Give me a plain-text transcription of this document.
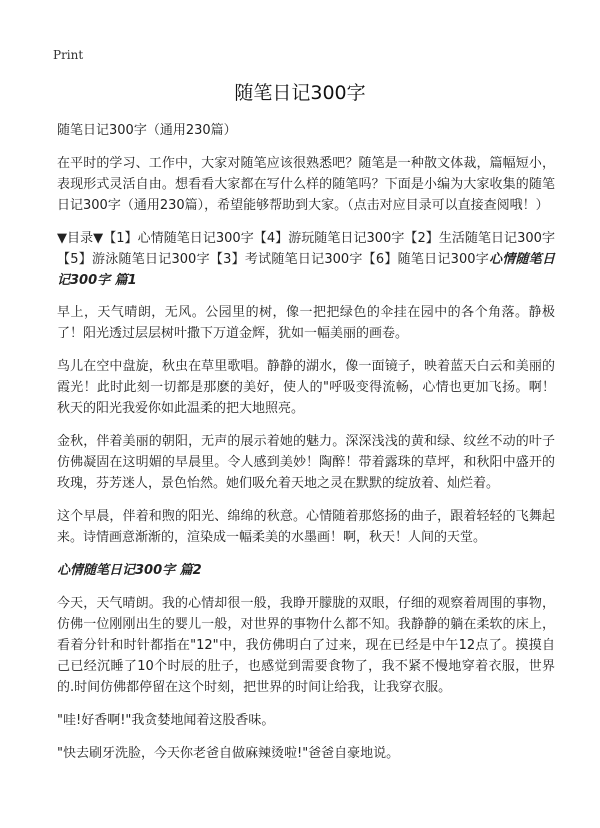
Print
随笔日记300字

随笔日记300字（通用230篇）

在平时的学习、工作中，大家对随笔应该很熟悉吧？随笔是一种散文体裁，篇幅短小，表现形式灵活自由。想看看大家都在写什么样的随笔吗？下面是小编为大家收集的随笔日记300字（通用230篇），希望能够帮助到大家。（点击对应目录可以直接查阅哦！）

▼目录▼【1】心情随笔日记300字【4】游玩随笔日记300字【2】生活随笔日记300字【5】游泳随笔日记300字【3】考试随笔日记300字【6】随笔日记300字心情随笔日记300字 篇1

早上，天气晴朗，无风。公园里的树，像一把把绿色的伞挂在园中的各个角落。静极了！阳光透过层层树叶撒下万道金辉，犹如一幅美丽的画卷。

鸟儿在空中盘旋，秋虫在草里歌唱。静静的湖水，像一面镜子，映着蓝天白云和美丽的霞光！此时此刻一切都是那麽的美好，使人的"呼吸变得流畅，心情也更加飞扬。啊！秋天的阳光我爱你如此温柔的把大地照亮。

金秋，伴着美丽的朝阳，无声的展示着她的魅力。深深浅浅的黄和绿、纹丝不动的叶子仿佛凝固在这明媚的早晨里。令人感到美妙！陶醉！带着露珠的草坪，和秋阳中盛开的玫瑰，芬芳迷人，景色怡然。她们吸允着天地之灵在默默的绽放着、灿烂着。

这个早晨，伴着和煦的阳光、绵绵的秋意。心情随着那悠扬的曲子，跟着轻轻的飞舞起来。诗情画意渐渐的，渲染成一幅柔美的水墨画！啊，秋天！人间的天堂。

心情随笔日记300字 篇2

今天，天气晴朗。我的心情却很一般，我睁开朦胧的双眼，仔细的观察着周围的事物，仿佛一位刚刚出生的婴儿一般，对世界的事物什么都不知。我静静的躺在柔软的床上，看着分针和时针都指在"12"中，我仿佛明白了过来，现在已经是中午12点了。摸摸自己已经沉睡了10个时辰的肚子，也感觉到需要食物了，我不紧不慢地穿着衣服，世界的.时间仿佛都停留在这个时刻，把世界的时间让给我，让我穿衣服。

"哇!好香啊!"我贪婪地闻着这股香味。

"快去刷牙洗脸，今天你老爸自做麻辣烫啦!"爸爸自豪地说。
